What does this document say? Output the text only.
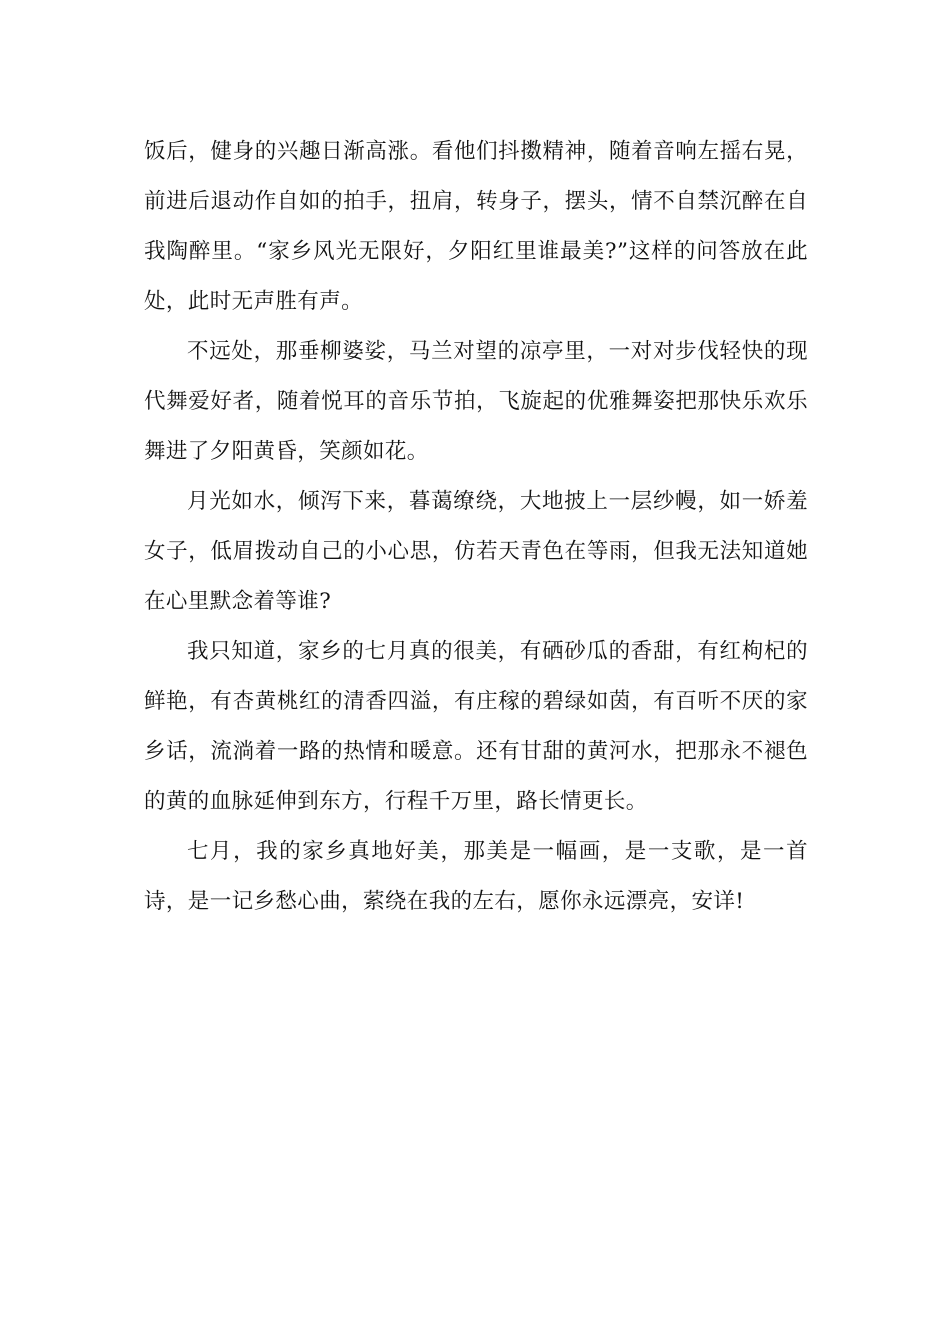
饭后，健身的兴趣日渐高涨。看他们抖擞精神，随着音响左摇右晃，前进后退动作自如的拍手，扭肩，转身子，摆头，情不自禁沉醉在自我陶醉里。“家乡风光无限好，夕阳红里谁最美?”这样的问答放在此处，此时无声胜有声。

不远处，那垂柳婆娑，马兰对望的凉亭里，一对对步伐轻快的现代舞爱好者，随着悦耳的音乐节拍，飞旋起的优雅舞姿把那快乐欢乐舞进了夕阳黄昏，笑颜如花。

月光如水，倾泻下来，暮蔼缭绕，大地披上一层纱幔，如一娇羞女子，低眉拨动自己的小心思，仿若天青色在等雨，但我无法知道她在心里默念着等谁?

我只知道，家乡的七月真的很美，有硒砂瓜的香甜，有红枸杞的鲜艳，有杏黄桃红的清香四溢，有庄稼的碧绿如茵，有百听不厌的家乡话，流淌着一路的热情和暖意。还有甘甜的黄河水，把那永不褪色的黄的血脉延伸到东方，行程千万里，路长情更长。

七月，我的家乡真地好美，那美是一幅画，是一支歌，是一首诗，是一记乡愁心曲，萦绕在我的左右，愿你永远漂亮，安详!
